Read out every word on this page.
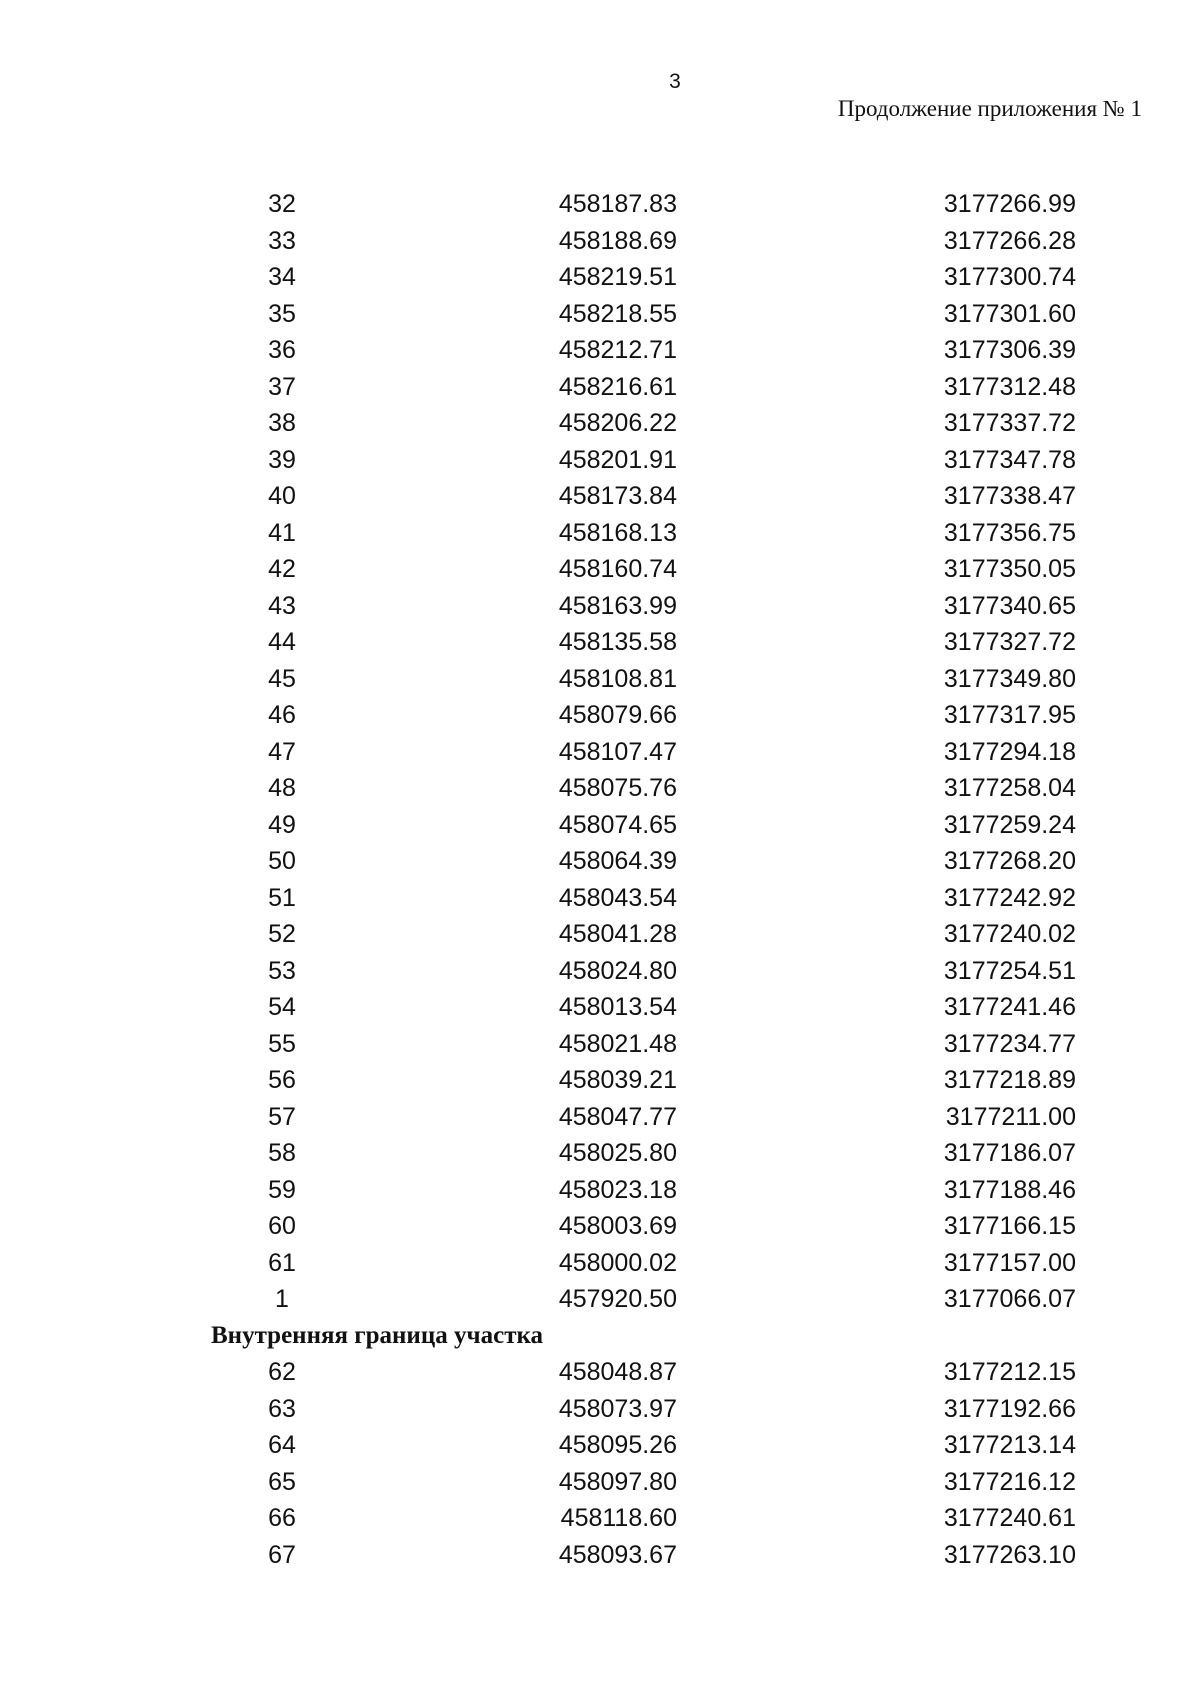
3
Продолжение приложения № 1
32	458187.83	3177266.99
33	458188.69	3177266.28
34	458219.51	3177300.74
35	458218.55	3177301.60
36	458212.71	3177306.39
37	458216.61	3177312.48
38	458206.22	3177337.72
39	458201.91	3177347.78
40	458173.84	3177338.47
41	458168.13	3177356.75
42	458160.74	3177350.05
43	458163.99	3177340.65
44	458135.58	3177327.72
45	458108.81	3177349.80
46	458079.66	3177317.95
47	458107.47	3177294.18
48	458075.76	3177258.04
49	458074.65	3177259.24
50	458064.39	3177268.20
51	458043.54	3177242.92
52	458041.28	3177240.02
53	458024.80	3177254.51
54	458013.54	3177241.46
55	458021.48	3177234.77
56	458039.21	3177218.89
57	458047.77	3177211.00
58	458025.80	3177186.07
59	458023.18	3177188.46
60	458003.69	3177166.15
61	458000.02	3177157.00
1	457920.50	3177066.07
Внутренняя граница участка
62	458048.87	3177212.15
63	458073.97	3177192.66
64	458095.26	3177213.14
65	458097.80	3177216.12
66	458118.60	3177240.61
67	458093.67	3177263.10
